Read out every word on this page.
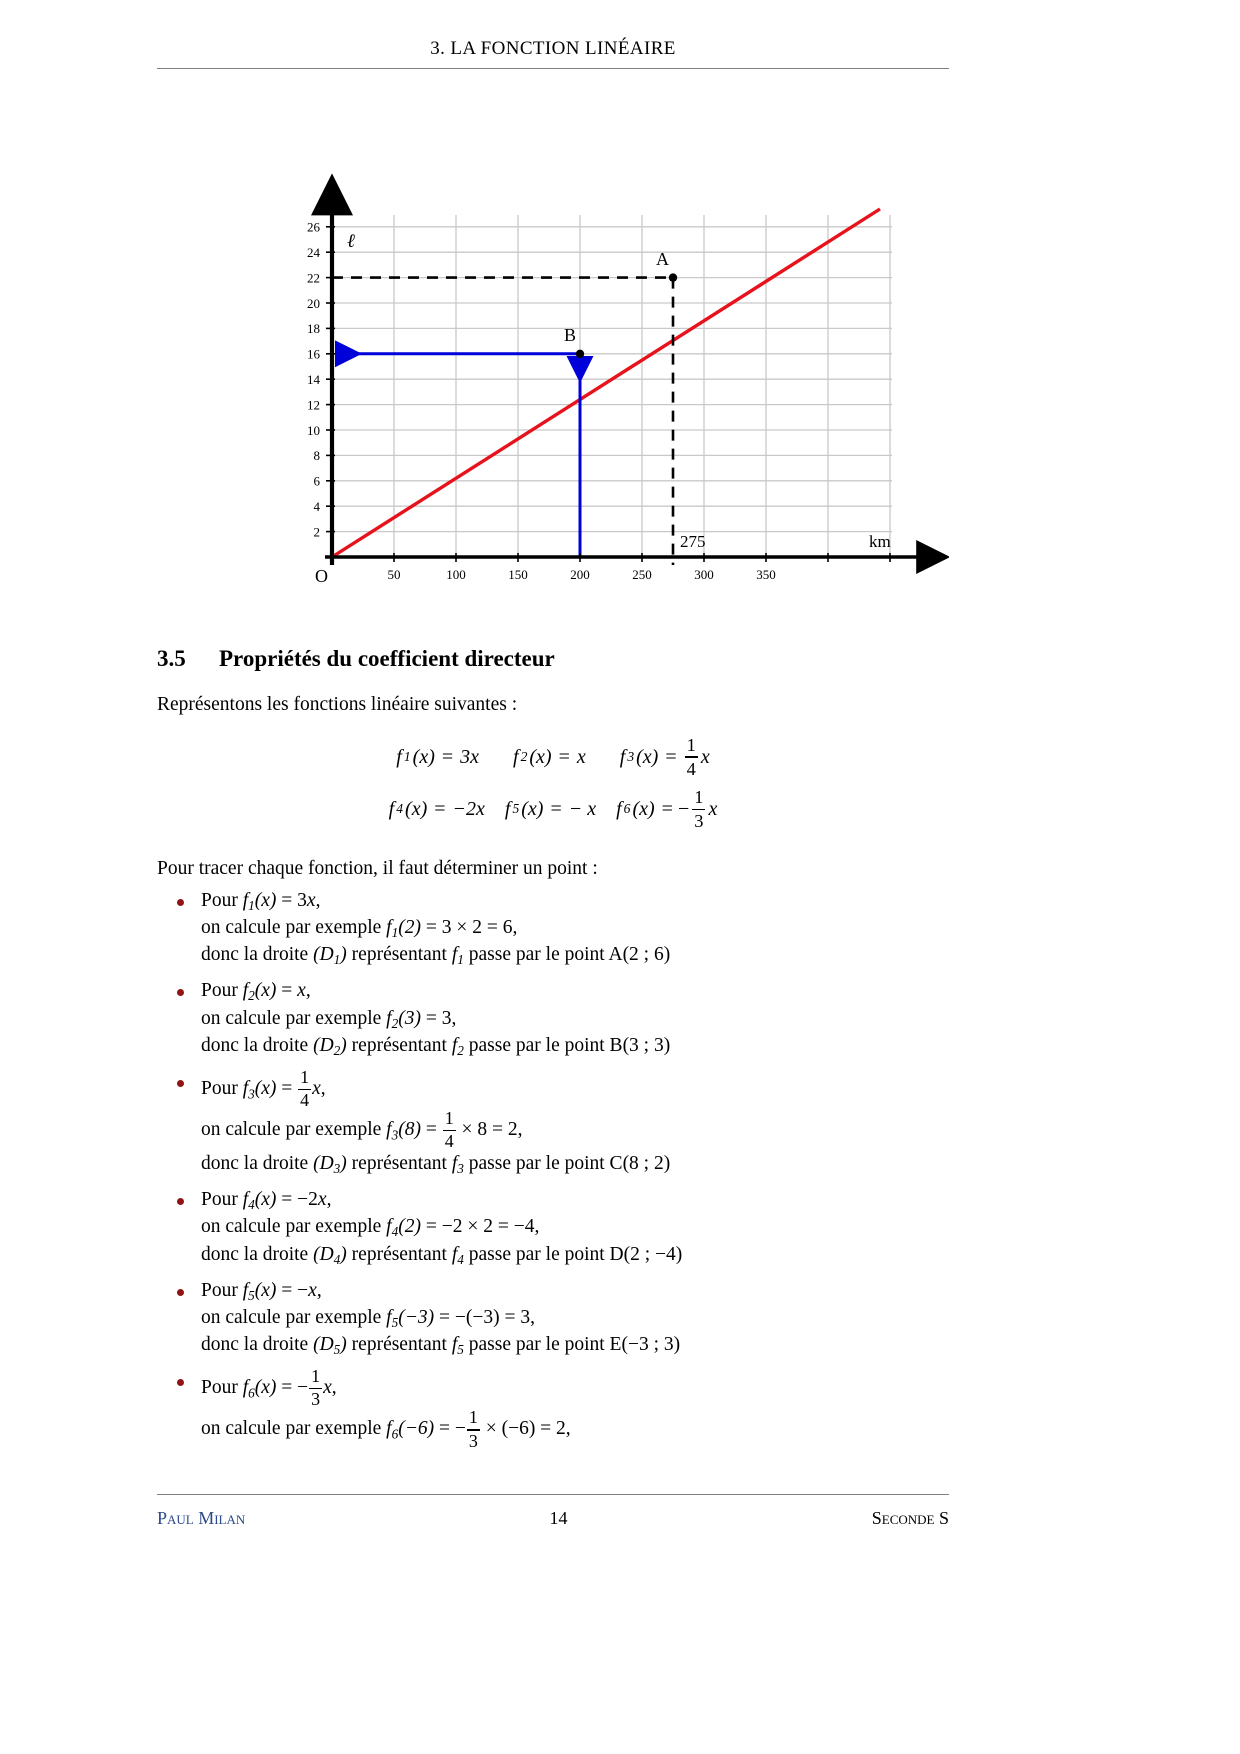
3. LA FONCTION LINÉAIRE
26
24
22
20
18
16
14
12
10
8
6
4
2
50	100	150	200	250	300	350
275	km
O
ℓ
A
B
3.5 Propriétés du coefficient directeur
Représentons les fonctions linéaire suivantes :
f 1 (x) = 3x f 2 (x) = x f 3 $(x) = \frac{1}{4}$ x
f 4 (x) = −2x f 5 (x) = − x f 6 (x) = − $\frac{1}{3}$ x
Pour tracer chaque fonction, il faut déterminer un point :
Pour $f_1(x) = 3x$,
on calcule par exemple $f_1(2) = 3 \times 2 = 6$,
donc la droite $(D_1)$ représentant $f_1$ passe par le point A(2 ; 6)
Pour $f_2(x) = x$,
on calcule par exemple $f_2(3) = 3$,
donc la droite $(D_2)$ représentant $f_2$ passe par le point B(3 ; 3)
Pour $f_3(x) = \frac{1}{4} x$,
on calcule par exemple $f_3(8) = \frac{1}{4} \times 8 = 2$,
donc la droite $(D_3)$ représentant $f_3$ passe par le point C(8 ; 2)
Pour $f_4(x) = -2x$,
on calcule par exemple $f_4(2) = -2 \times 2 = -4$,
donc la droite $(D_4)$ représentant $f_4$ passe par le point D(2 ; −4)
Pour $f_5(x) = -x$,
on calcule par exemple $f_5(-3) = -(-3) = 3$,
donc la droite $(D_5)$ représentant $f_5$ passe par le point E(−3 ; 3)
Pour $f_6(x)$ = − $\frac{1}{3} x$,
on calcule par exemple $f_6(-6)$ = − $\frac{1}{3} \times (-6) = 2$,
Paul Milan	14	Seconde S
